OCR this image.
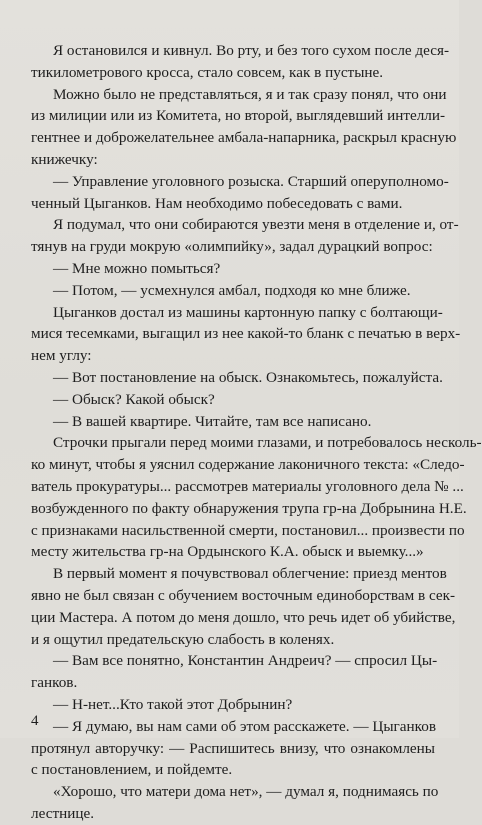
Я остановился и кивнул. Во рту, и без того сухом после деся-
тикилометрового кросса, стало совсем, как в пустыне.
Можно было не представляться, я и так сразу понял, что они
из милиции или из Комитета, но второй, выглядевший интелли-
гентнее и доброжелательнее амбала-напарника, раскрыл красную
книжечку:
— Управление уголовного розыска. Старший оперуполномо-
ченный Цыганков. Нам необходимо побеседовать с вами.
Я подумал, что они собираются увезти меня в отделение и, от-
тянув на груди мокрую «олимпийку», задал дурацкий вопрос:
— Мне можно помыться?
— Потом, — усмехнулся амбал, подходя ко мне ближе.
Цыганков достал из машины картонную папку с болтающи-
мися тесемками, выгащил из нее какой-то бланк с печатью в верх-
нем углу:
— Вот постановление на обыск. Ознакомьтесь, пожалуйста.
— Обыск? Какой обыск?
— В вашей квартире. Читайте, там все написано.
Строчки прыгали перед моими глазами, и потребовалось несколь-
ко минут, чтобы я уяснил содержание лаконичного текста: «Следо-
ватель прокуратуры... рассмотрев материалы уголовного дела № ...
возбужденного по факту обнаружения трупа гр-на Добрынина Н.Е.
с признаками насильственной смерти, постановил... произвести по
месту жительства гр-на Ордынского К.А. обыск и выемку...»
В первый момент я почувствовал облегчение: приезд ментов
явно не был связан с обучением восточным единоборствам в сек-
ции Мастера. А потом до меня дошло, что речь идет об убийстве,
и я ощутил предательскую слабость в коленях.
— Вам все понятно, Константин Андреич? — спросил Цы-
ганков.
— Н-нет...Кто такой этот Добрынин?
— Я думаю, вы нам сами об этом расскажете. — Цыганков
протянул авторучку: — Распишитесь внизу, что ознакомлены
с постановлением, и пойдемте.
«Хорошо, что матери дома нет», — думал я, поднимаясь по
лестнице.
4
